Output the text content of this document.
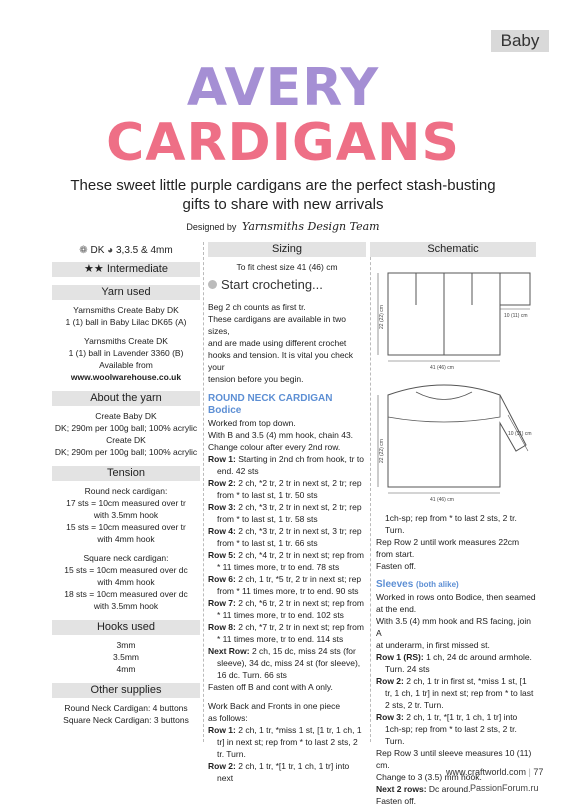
Baby
AVERY
CARDIGANS
These sweet little purple cardigans are the perfect stash-busting gifts to share with new arrivals
Designed by Yarnsmiths Design Team
❁ DK ◕ 3,3.5 & 4mm
★★ Intermediate
Yarn used

Yarnsmiths Create Baby DK

1 (1) ball in Baby Lilac DK65 (A)

Yarnsmiths Create DK

1 (1) ball in Lavender 3360 (B)

Available from

www.woolwarehouse.co.uk

About the yarn

Create Baby DK

DK; 290m per 100g ball; 100% acrylic

Create DK

DK; 290m per 100g ball; 100% acrylic

Tension

Round neck cardigan:

17 sts = 10cm measured over tr

with 3.5mm hook

15 sts = 10cm measured over tr

with 4mm hook

Square neck cardigan:

15 sts = 10cm measured over dc

with 4mm hook

18 sts = 10cm measured over dc

with 3.5mm hook

Hooks used

3mm

3.5mm

4mm

Other supplies

Round Neck Cardigan: 4 buttons

Square Neck Cardigan: 3 buttons

Sizing

To fit chest size 41 (46) cm

Start crocheting...

Beg 2 ch counts as first tr.

These cardigans are available in two sizes,

and are made using different crochet

hooks and tension. It is vital you check your

tension before you begin.

ROUND NECK CARDIGAN

Bodice

Worked from top down.

With B and 3.5 (4) mm hook, chain 43.

Change colour after every 2nd row.

Row 1: Starting in 2nd ch from hook, tr to end. 42 sts

Row 2: 2 ch, *2 tr, 2 tr in next st, 2 tr; rep from * to last st, 1 tr. 50 sts

Row 3: 2 ch, *3 tr, 2 tr in next st, 2 tr; rep from * to last st, 1 tr. 58 sts

Row 4: 2 ch, *3 tr, 2 tr in next st, 3 tr; rep from * to last st, 1 tr. 66 sts

Row 5: 2 ch, *4 tr, 2 tr in next st; rep from * 11 times more, tr to end. 78 sts

Row 6: 2 ch, 1 tr, *5 tr, 2 tr in next st; rep from * 11 times more, tr to end. 90 sts

Row 7: 2 ch, *6 tr, 2 tr in next st; rep from * 11 times more, tr to end. 102 sts

Row 8: 2 ch, *7 tr, 2 tr in next st; rep from * 11 times more, tr to end. 114 sts

Next Row: 2 ch, 15 dc, miss 24 sts (for sleeve), 34 dc, miss 24 st (for sleeve), 16 dc. Turn. 66 sts

Fasten off B and cont with A only.

Work Back and Fronts in one piece

as follows:

Row 1: 2 ch, 1 tr, *miss 1 st, [1 tr, 1 ch, 1 tr] in next st; rep from * to last 2 sts, 2 tr. Turn.

Row 2: 2 ch, 1 tr, *[1 tr, 1 ch, 1 tr] into next

Schematic
22 (22) cm	10 (11) cm
41 (46) cm
22 (22) cm
10 (11) cm
41 (46) cm

1ch-sp; rep from * to last 2 sts, 2 tr. Turn.

Rep Row 2 until work measures 22cm

from start.

Fasten off.

Sleeves (both alike)

Worked in rows onto Bodice, then seamed

at the end.

With 3.5 (4) mm hook and RS facing, join A

at underarm, in first missed st.

Row 1 (RS): 1 ch, 24 dc around armhole. Turn. 24 sts

Row 2: 2 ch, 1 tr in first st, *miss 1 st, [1 tr, 1 ch, 1 tr] in next st; rep from * to last 2 sts, 2 tr. Turn.

Row 3: 2 ch, 1 tr, *[1 tr, 1 ch, 1 tr] into 1ch-sp; rep from * to last 2 sts, 2 tr. Turn.

Rep Row 3 until sleeve measures 10 (11) cm.

Change to 3 (3.5) mm hook.

Next 2 rows: Dc around.

Fasten off.

www.craftworld.com | 77
PassionForum.ru
